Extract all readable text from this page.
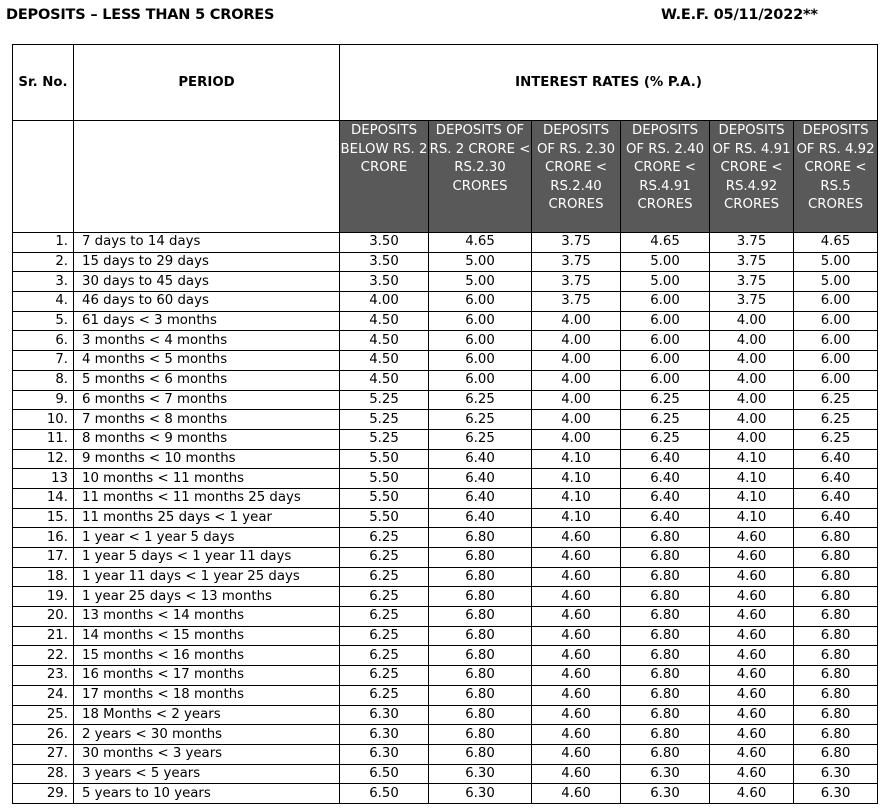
DEPOSITS – LESS THAN 5 CRORES	W.E.F. 05/11/2022**
Sr. No.	PERIOD	INTEREST RATES (% P.A.)					
		DEPOSITS BELOW RS. 2 CRORE	DEPOSITS OF RS. 2 CRORE < RS.2.30 CRORES	DEPOSITS OF RS. 2.30 CRORE < RS.2.40 CRORES	DEPOSITS OF RS. 2.40 CRORE < RS.4.91 CRORES	DEPOSITS OF RS. 4.91 CRORE < RS.4.92 CRORES	DEPOSITS OF RS. 4.92 CRORE < RS.5 CRORES
1.	7 days to 14 days	3.50	4.65	3.75	4.65	3.75	4.65
2.	15 days to 29 days	3.50	5.00	3.75	5.00	3.75	5.00
3.	30 days to 45 days	3.50	5.00	3.75	5.00	3.75	5.00
4.	46 days to 60 days	4.00	6.00	3.75	6.00	3.75	6.00
5.	61 days < 3 months	4.50	6.00	4.00	6.00	4.00	6.00
6.	3 months < 4 months	4.50	6.00	4.00	6.00	4.00	6.00
7.	4 months < 5 months	4.50	6.00	4.00	6.00	4.00	6.00
8.	5 months < 6 months	4.50	6.00	4.00	6.00	4.00	6.00
9.	6 months < 7 months	5.25	6.25	4.00	6.25	4.00	6.25
10.	7 months < 8 months	5.25	6.25	4.00	6.25	4.00	6.25
11.	8 months < 9 months	5.25	6.25	4.00	6.25	4.00	6.25
12.	9 months < 10 months	5.50	6.40	4.10	6.40	4.10	6.40
13	10 months < 11 months	5.50	6.40	4.10	6.40	4.10	6.40
14.	11 months < 11 months 25 days	5.50	6.40	4.10	6.40	4.10	6.40
15.	11 months 25 days < 1 year	5.50	6.40	4.10	6.40	4.10	6.40
16.	1 year < 1 year 5 days	6.25	6.80	4.60	6.80	4.60	6.80
17.	1 year 5 days < 1 year 11 days	6.25	6.80	4.60	6.80	4.60	6.80
18.	1 year 11 days < 1 year 25 days	6.25	6.80	4.60	6.80	4.60	6.80
19.	1 year 25 days < 13 months	6.25	6.80	4.60	6.80	4.60	6.80
20.	13 months < 14 months	6.25	6.80	4.60	6.80	4.60	6.80
21.	14 months < 15 months	6.25	6.80	4.60	6.80	4.60	6.80
22.	15 months < 16 months	6.25	6.80	4.60	6.80	4.60	6.80
23.	16 months < 17 months	6.25	6.80	4.60	6.80	4.60	6.80
24.	17 months < 18 months	6.25	6.80	4.60	6.80	4.60	6.80
25.	18 Months < 2 years	6.30	6.80	4.60	6.80	4.60	6.80
26.	2 years < 30 months	6.30	6.80	4.60	6.80	4.60	6.80
27.	30 months < 3 years	6.30	6.80	4.60	6.80	4.60	6.80
28.	3 years < 5 years	6.50	6.30	4.60	6.30	4.60	6.30
29.	5 years to 10 years	6.50	6.30	4.60	6.30	4.60	6.30
